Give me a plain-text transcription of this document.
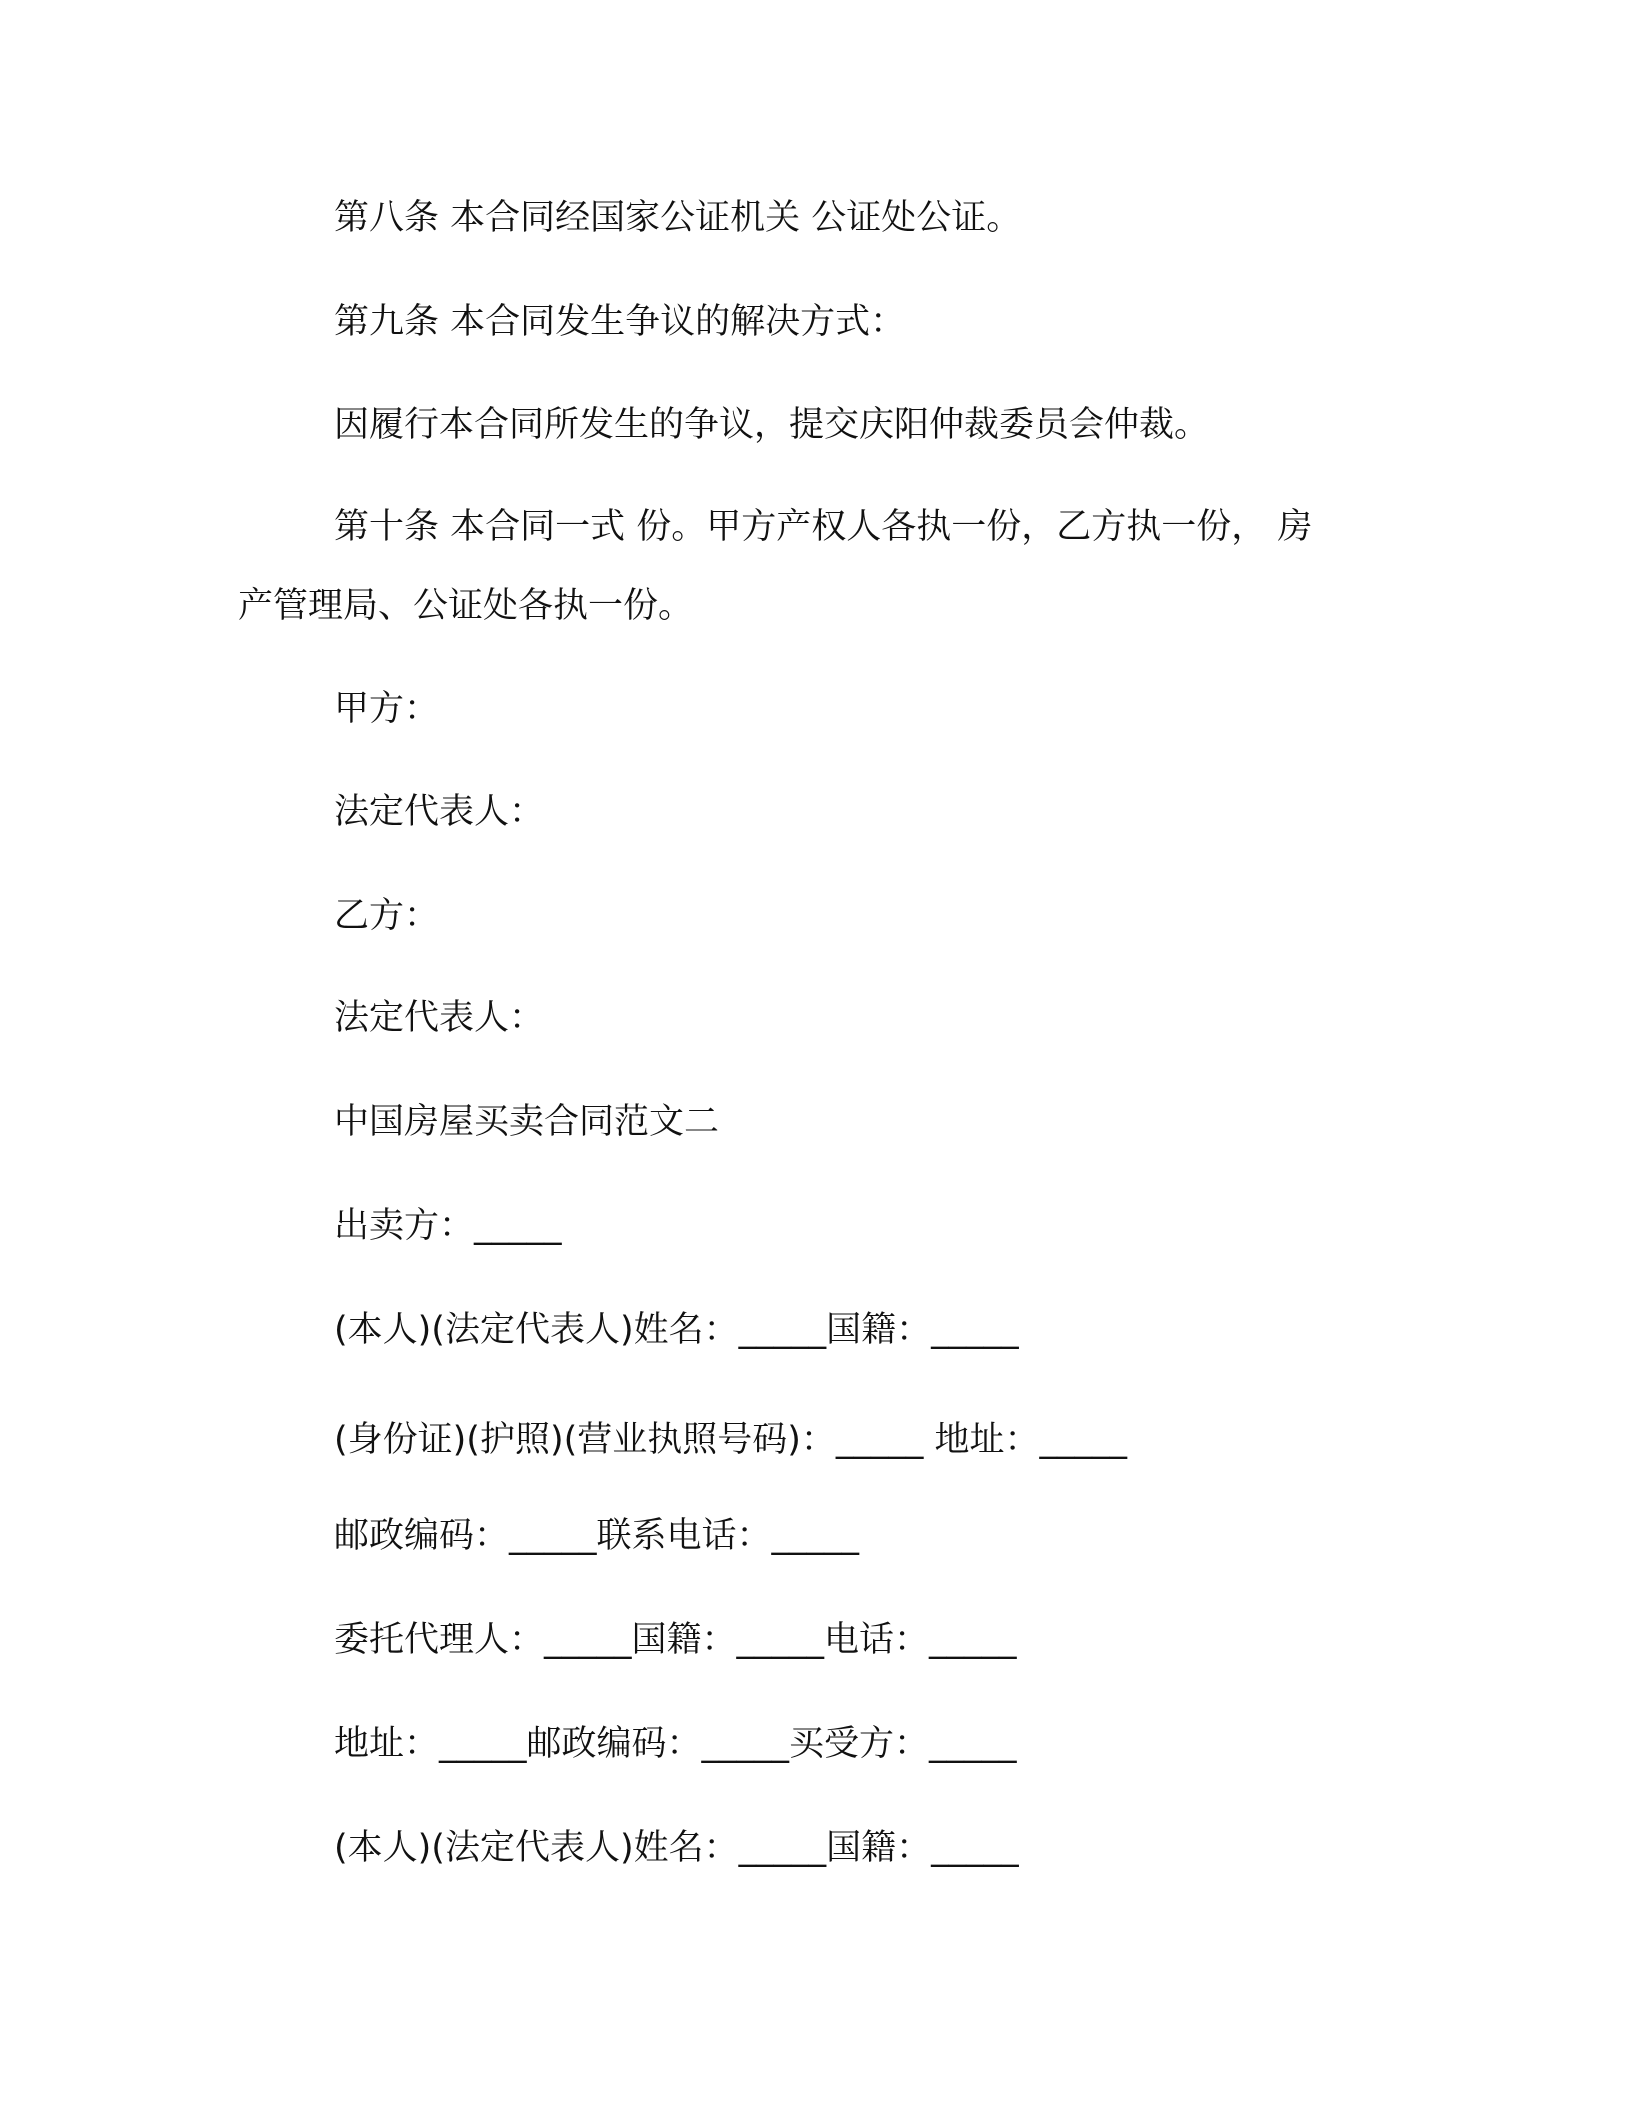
第八条 本合同经国家公证机关 公证处公证。
第九条 本合同发生争议的解决方式：
因履行本合同所发生的争议，提交庆阳仲裁委员会仲裁。
第十条 本合同一式 份。甲方产权人各执一份，乙方执一份， 房
产管理局、公证处各执一份。
甲方：
法定代表人：
乙方：
法定代表人：
中国房屋买卖合同范文二
出卖方：_____
(本人)(法定代表人)姓名：_____国籍：_____
(身份证)(护照)(营业执照号码)：_____ 地址：_____
邮政编码：_____联系电话：_____
委托代理人：_____国籍：_____电话：_____
地址：_____邮政编码：_____买受方：_____
(本人)(法定代表人)姓名：_____国籍：_____
